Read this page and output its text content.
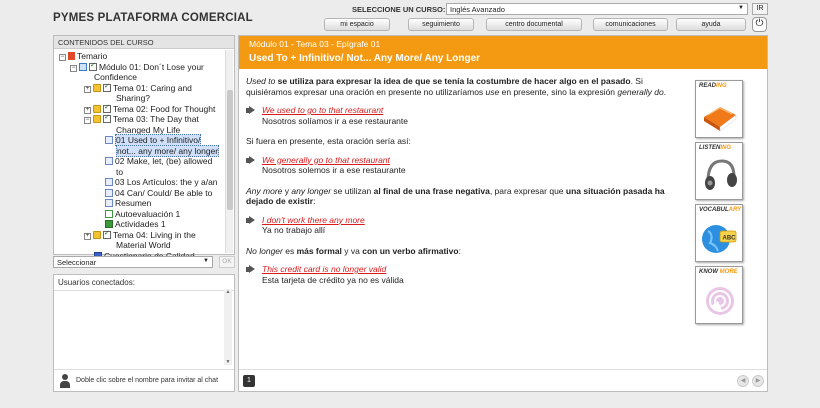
PYMES PLATAFORMA COMERCIAL
SELECCIONE UN CURSO: Inglés Avanzado	▼	IR
mi espacio	seguimiento	centro documental	comunicaciones	ayuda	⏻
CONTENIDOS DEL CURSO
− Temario
− ✓	Módulo 01: Don´t Lose your
Confidence
+ ✓	Tema 01: Caring and
Sharing?
+ ✓	Tema 02: Food for Thought
− ✓	Tema 03: The Day that
Changed My Life
01 Used to + Infinitivo/
not... any more/ any longer
02 Make, let, (be) allowed
to
03 Los Artículos: the y a/an
04 Can/ Could/ Be able to
Resumen
Autoevaluación 1
Actividades 1
+ ✓	Tema 04: Living in the
Material World
Seleccionar	▼	OK
Usuarios conectados:
▲
▼
Doble clic sobre el nombre para invitar al chat
Módulo 01 - Tema 03 - Epígrafe 01
Used To + Infinitivo/ Not... Any More/ Any Longer
Used to se utiliza para expresar la idea de que se tenía la costumbre de hacer algo en el pasado. Si quisiéramos expresar una oración en presente no utilizaríamos use en presente, sino la expresión generally do.
We used to go to that restaurant
Nosotros solíamos ir a ese restaurante
Si fuera en presente, esta oración sería así:
We generally go to that restaurant
Nosotros solemos ir a ese restaurante
Any more y any longer se utilizan al final de una frase negativa, para expresar que una situación pasada ha dejado de existir:
I don't work there any more
Ya no trabajo allí
No longer es más formal y va con un verbo afirmativo:
This credit card is no longer valid
Esta tarjeta de crédito ya no es válida
READING
LISTENING
VOCABULARY
ABC
KNOW MORE
1	◀	▶
